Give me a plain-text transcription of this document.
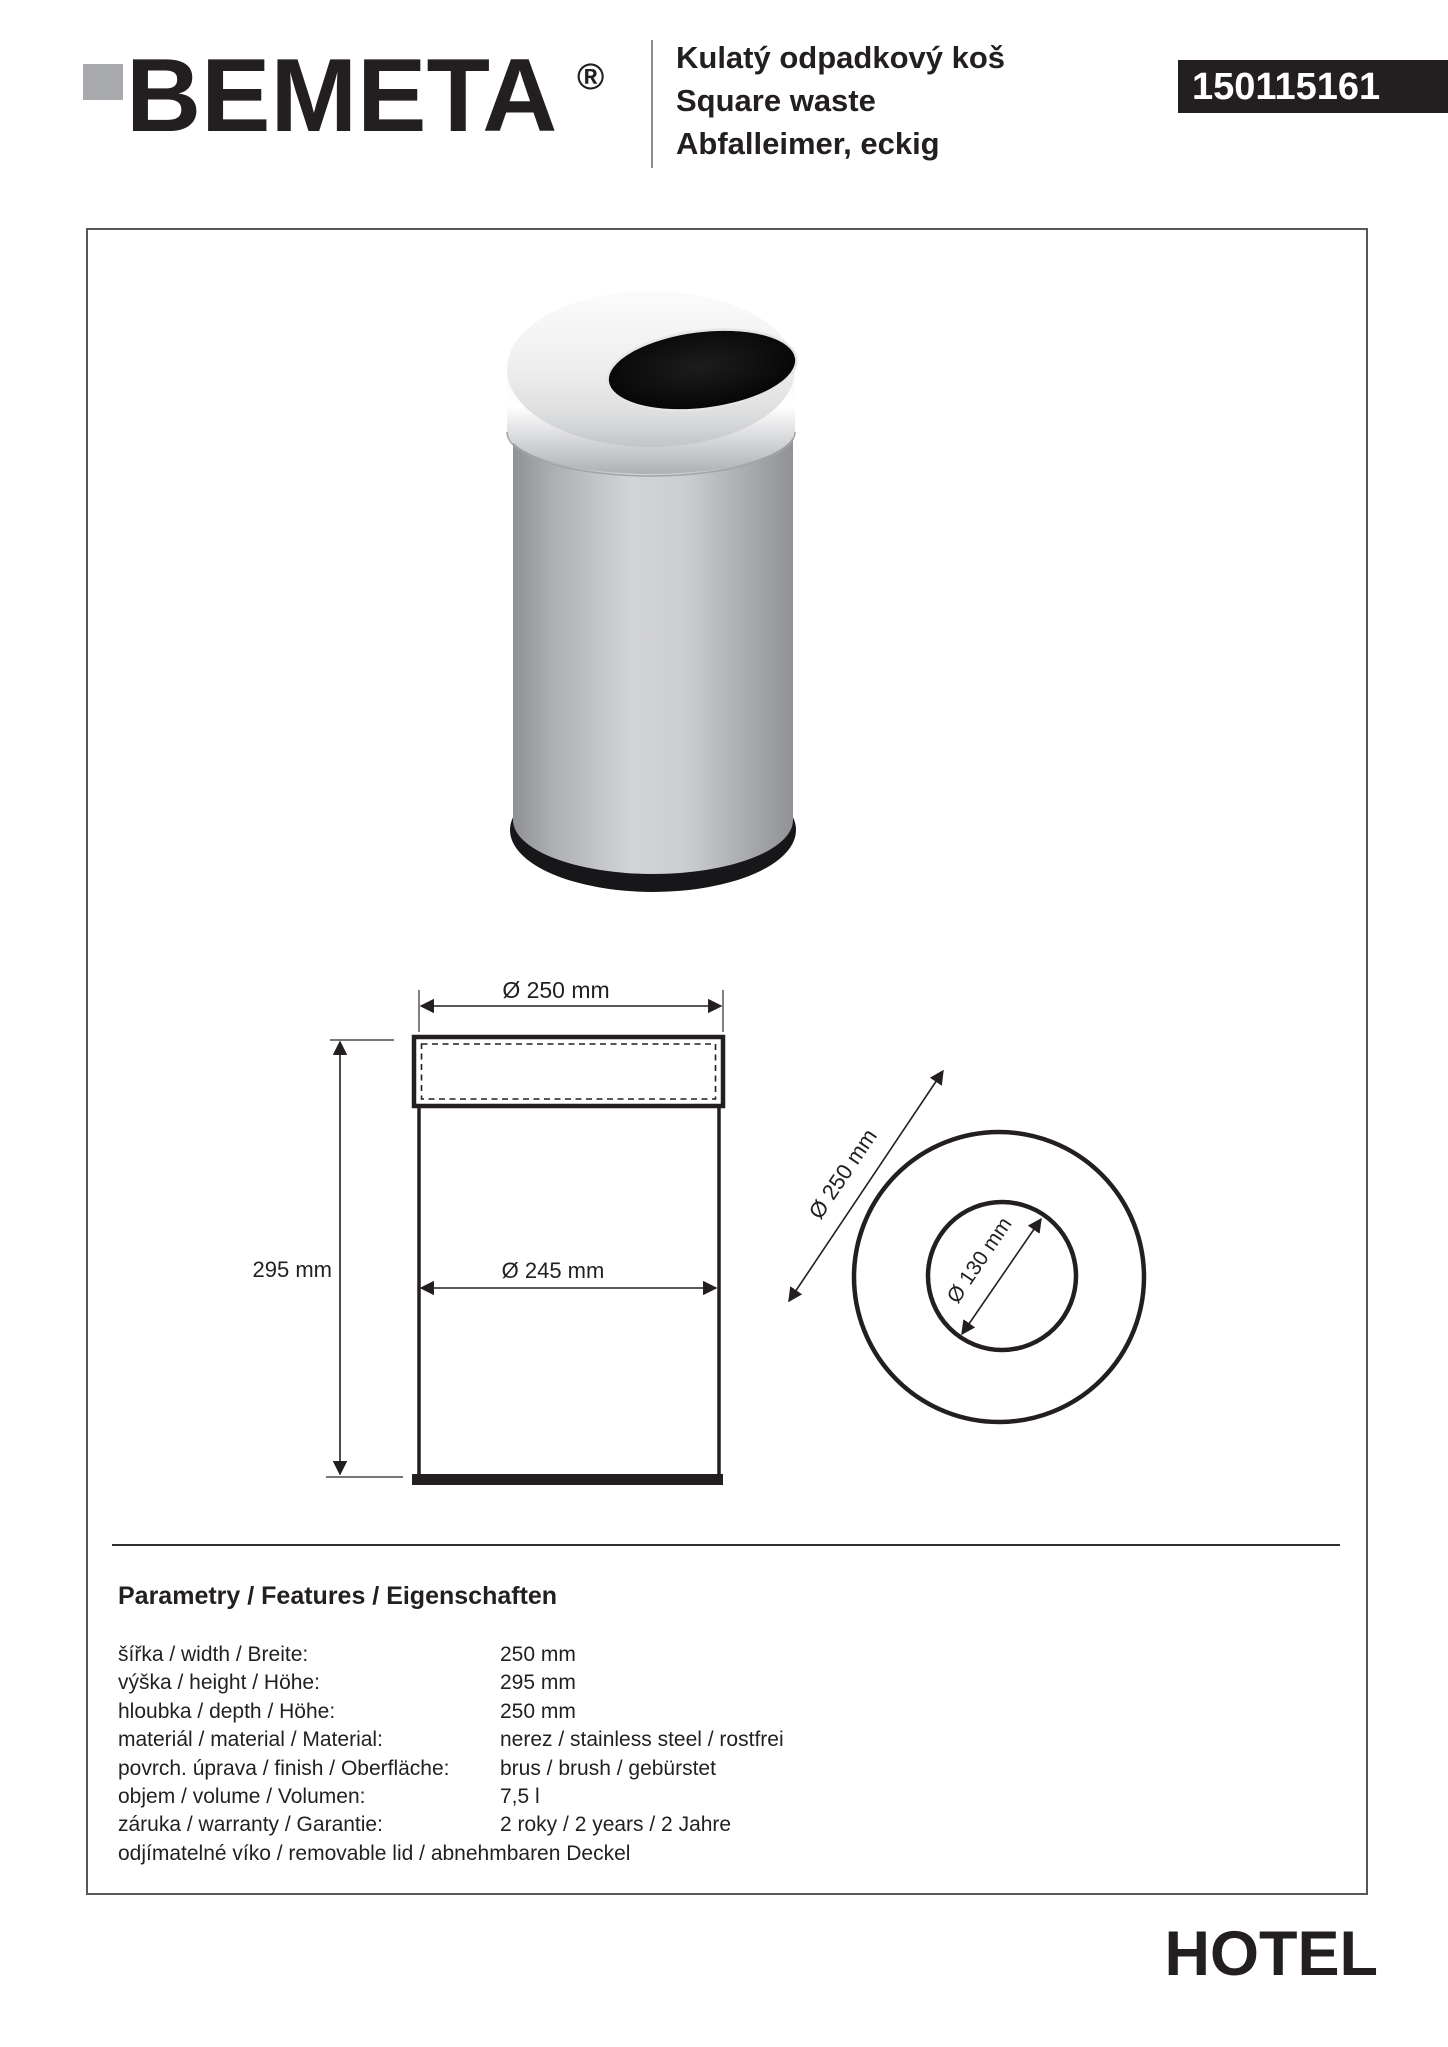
BEMETA ® Kulatý odpadkový koš
Square waste
Abfalleimer, eckig
150115161
Ø 250 mm
295 mm	Ø 245 mm
Ø 250 mm
Ø 130 mm
Parametry / Features / Eigenschaften
šířka / width / Breite:	250 mm
výška / height / Höhe:	295 mm
hloubka / depth / Höhe:	250 mm
materiál / material / Material:	nerez / stainless steel / rostfrei
povrch. úprava / finish / Oberfläche: brus / brush / gebürstet
objem / volume / Volumen:	7,5 l
záruka / warranty / Garantie:	2 roky / 2 years / 2 Jahre
odjímatelné víko / removable lid / abnehmbaren Deckel
HOTEL
